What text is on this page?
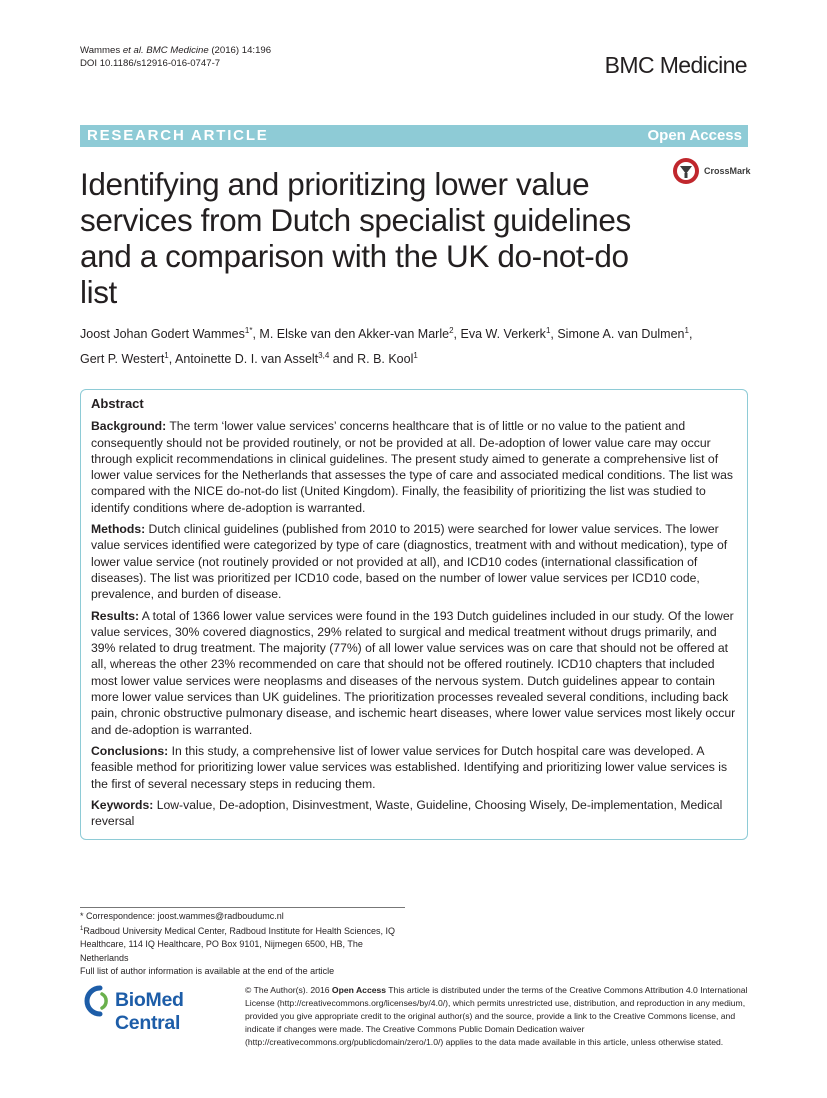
Wammes et al. BMC Medicine (2016) 14:196
DOI 10.1186/s12916-016-0747-7	BMC Medicine
RESEARCH ARTICLE	Open Access
CrossMark
Identifying and prioritizing lower value services from Dutch specialist guidelines and a comparison with the UK do-not-do list

Joost Johan Godert Wammes$^{1*}$, M. Elske van den Akker-van Marle$^2$, Eva W. Verkerk$^1$, Simone A. van Dulmen$^1$,
Gert P. Westert$^1$, Antoinette D. I. van Asselt$^{3,4}$ and R. B. Kool$^1$

Abstract

Background: The term ‘lower value services’ concerns healthcare that is of little or no value to the patient and consequently should not be provided routinely, or not be provided at all. De-adoption of lower value care may occur through explicit recommendations in clinical guidelines. The present study aimed to generate a comprehensive list of lower value services for the Netherlands that assesses the type of care and associated medical conditions. The list was compared with the NICE do-not-do list (United Kingdom). Finally, the feasibility of prioritizing the list was studied to identify conditions where de-adoption is warranted.

Methods: Dutch clinical guidelines (published from 2010 to 2015) were searched for lower value services. The lower value services identified were categorized by type of care (diagnostics, treatment with and without medication), type of lower value service (not routinely provided or not provided at all), and ICD10 codes (international classification of diseases). The list was prioritized per ICD10 code, based on the number of lower value services per ICD10 code, prevalence, and burden of disease.

Results: A total of 1366 lower value services were found in the 193 Dutch guidelines included in our study. Of the lower value services, 30% covered diagnostics, 29% related to surgical and medical treatment without drugs primarily, and 39% related to drug treatment. The majority (77%) of all lower value services was on care that should not be offered at all, whereas the other 23% recommended on care that should not be offered routinely. ICD10 chapters that included most lower value services were neoplasms and diseases of the nervous system. Dutch guidelines appear to contain more lower value services than UK guidelines. The prioritization processes revealed several conditions, including back pain, chronic obstructive pulmonary disease, and ischemic heart diseases, where lower value services most likely occur and de-adoption is warranted.

Conclusions: In this study, a comprehensive list of lower value services for Dutch hospital care was developed. A feasible method for prioritizing lower value services was established. Identifying and prioritizing lower value services is the first of several necessary steps in reducing them.

Keywords: Low-value, De-adoption, Disinvestment, Waste, Guideline, Choosing Wisely, De-implementation, Medical reversal

* Correspondence: joost.wammes@radboudumc.nl

$^1$Radboud University Medical Center, Radboud Institute for Health Sciences, IQ Healthcare, 114 IQ Healthcare, PO Box 9101, Nijmegen 6500, HB, The Netherlands

Full list of author information is available at the end of the article

BioMed Central
© The Author(s). 2016 Open Access This article is distributed under the terms of the Creative Commons Attribution 4.0 International License (http://creativecommons.org/licenses/by/4.0/), which permits unrestricted use, distribution, and reproduction in any medium, provided you give appropriate credit to the original author(s) and the source, provide a link to the Creative Commons license, and indicate if changes were made. The Creative Commons Public Domain Dedication waiver (http://creativecommons.org/publicdomain/zero/1.0/) applies to the data made available in this article, unless otherwise stated.
